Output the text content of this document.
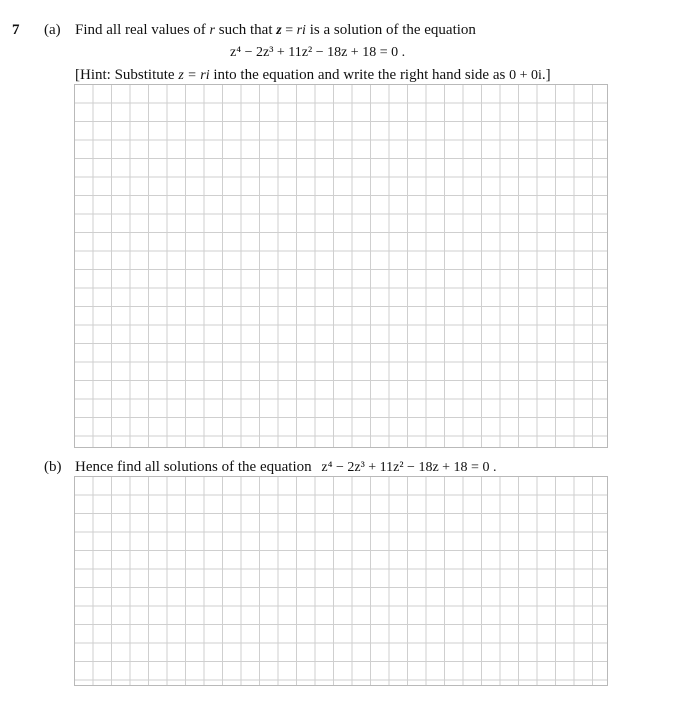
7 (a) Find all real values of r such that z = ri is a solution of the equation
z⁴ − 2z³ + 11z² − 18z + 18 = 0 .
[Hint: Substitute z = ri into the equation and write the right hand side as 0 + 0i.]
(b) Hence find all solutions of the equation z⁴ − 2z³ + 11z² − 18z + 18 = 0 .
